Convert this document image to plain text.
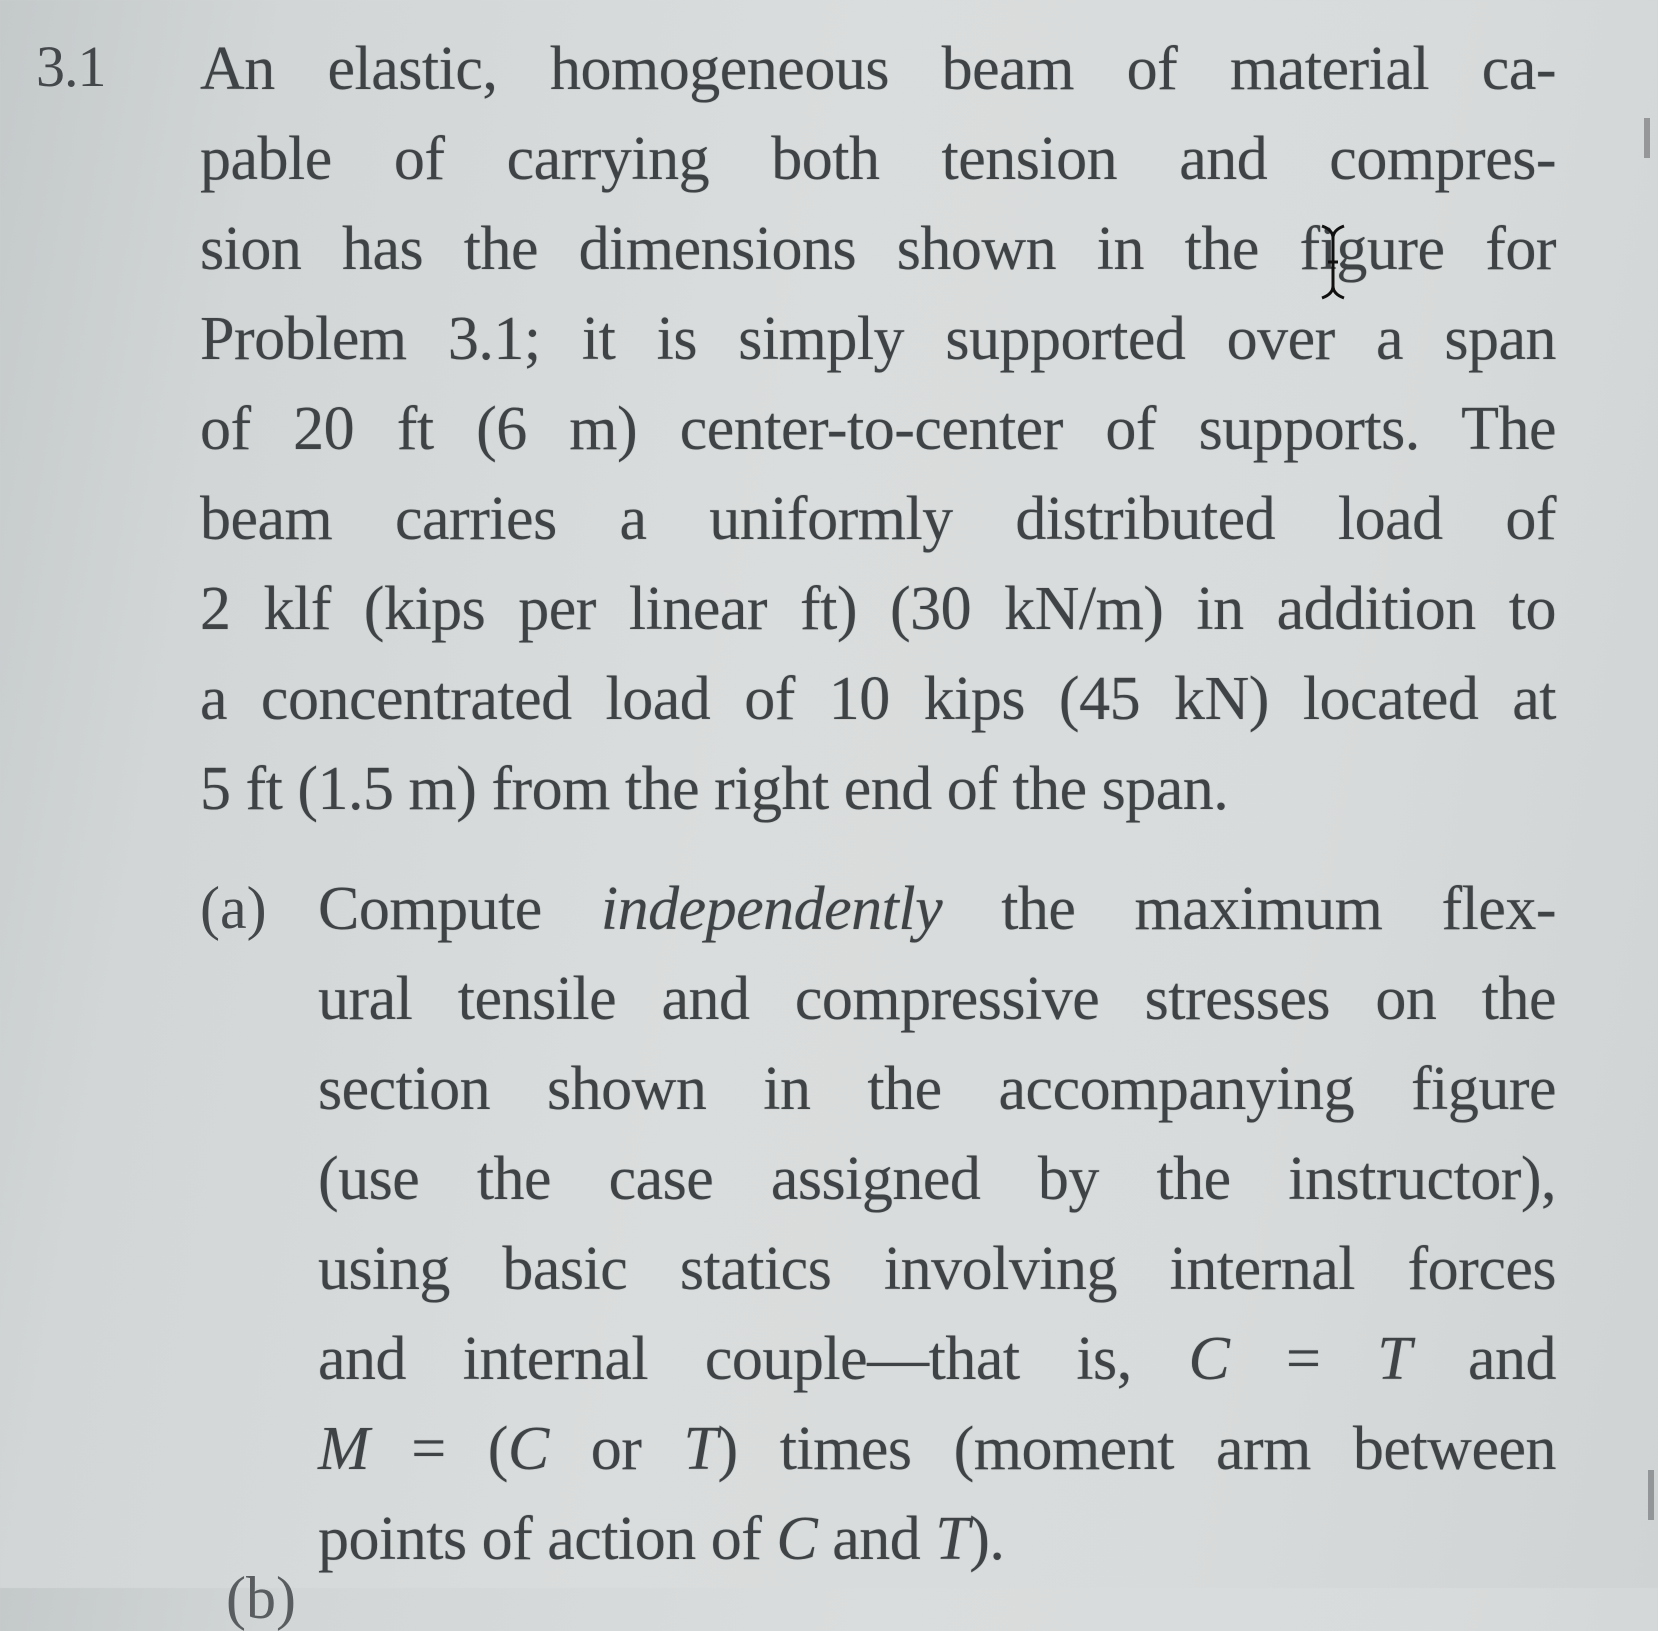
3.1 An elastic, homogeneous beam of material ca-
pable of carrying both tension and compres-
sion has the dimensions shown in the figure for
Problem 3.1; it is simply supported over a span
of 20 ft (6 m) center-to-center of supports. The
beam carries a uniformly distributed load of
2 klf (kips per linear ft) (30 kN/m) in addition to
a concentrated load of 10 kips (45 kN) located at
5 ft (1.5 m) from the right end of the span.
(a) Compute independently the maximum flex-
ural tensile and compressive stresses on the
section shown in the accompanying figure
(use the case assigned by the instructor),
using basic statics involving internal forces
and internal couple—that is, C = T and
M = (C or T) times (moment arm between
points of action of C and T).
(b)
